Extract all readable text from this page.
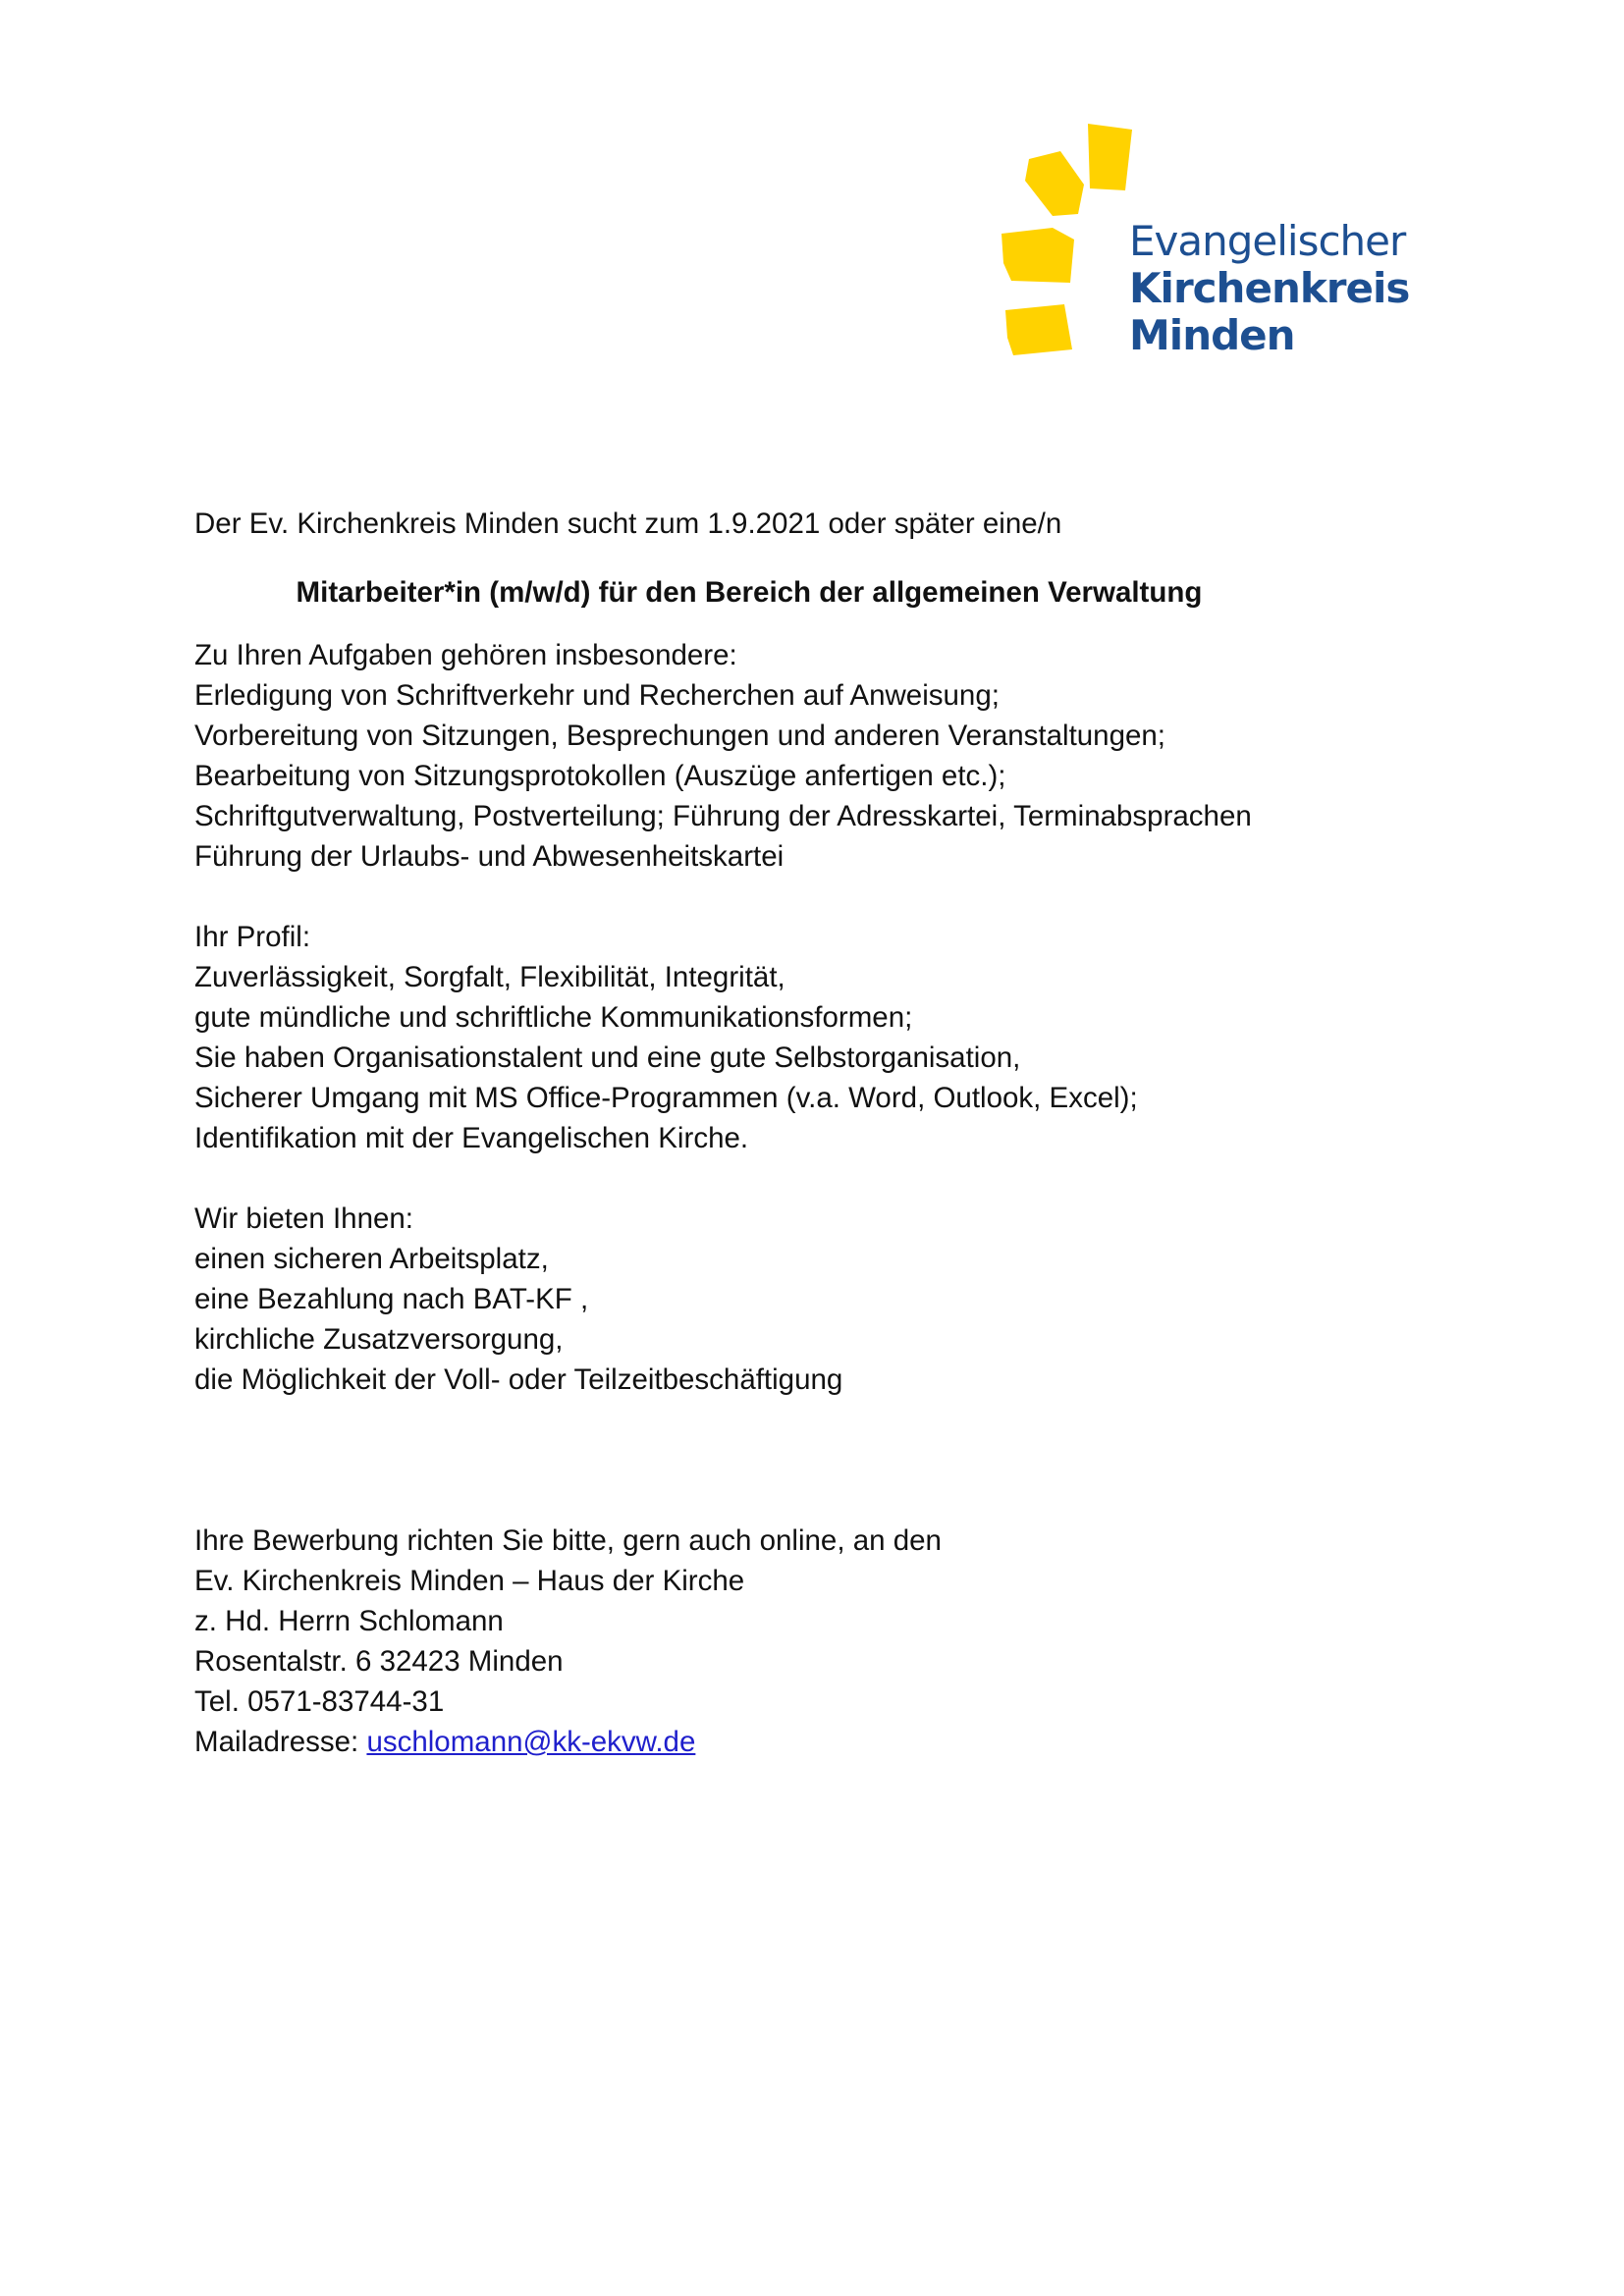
Evangelischer
Kirchenkreis
Minden

Der Ev. Kirchenkreis Minden sucht zum 1.9.2021 oder später eine/n

Mitarbeiter*in (m/w/d) für den Bereich der allgemeinen Verwaltung

Zu Ihren Aufgaben gehören insbesondere:
Erledigung von Schriftverkehr und Recherchen auf Anweisung;
Vorbereitung von Sitzungen, Besprechungen und anderen Veranstaltungen;
Bearbeitung von Sitzungsprotokollen (Auszüge anfertigen etc.);
Schriftgutverwaltung, Postverteilung; Führung der Adresskartei, Terminabsprachen
Führung der Urlaubs- und Abwesenheitskartei
Ihr Profil:
Zuverlässigkeit, Sorgfalt, Flexibilität, Integrität,
gute mündliche und schriftliche Kommunikationsformen;
Sie haben Organisationstalent und eine gute Selbstorganisation,
Sicherer Umgang mit MS Office-Programmen (v.a. Word, Outlook, Excel);
Identifikation mit der Evangelischen Kirche.
Wir bieten Ihnen:
einen sicheren Arbeitsplatz,
eine Bezahlung nach BAT-KF ,
kirchliche Zusatzversorgung,
die Möglichkeit der Voll- oder Teilzeitbeschäftigung
Ihre Bewerbung richten Sie bitte, gern auch online, an den
Ev. Kirchenkreis Minden – Haus der Kirche
z. Hd. Herrn Schlomann
Rosentalstr. 6 32423 Minden
Tel. 0571-83744-31
Mailadresse: uschlomann@kk-ekvw.de
